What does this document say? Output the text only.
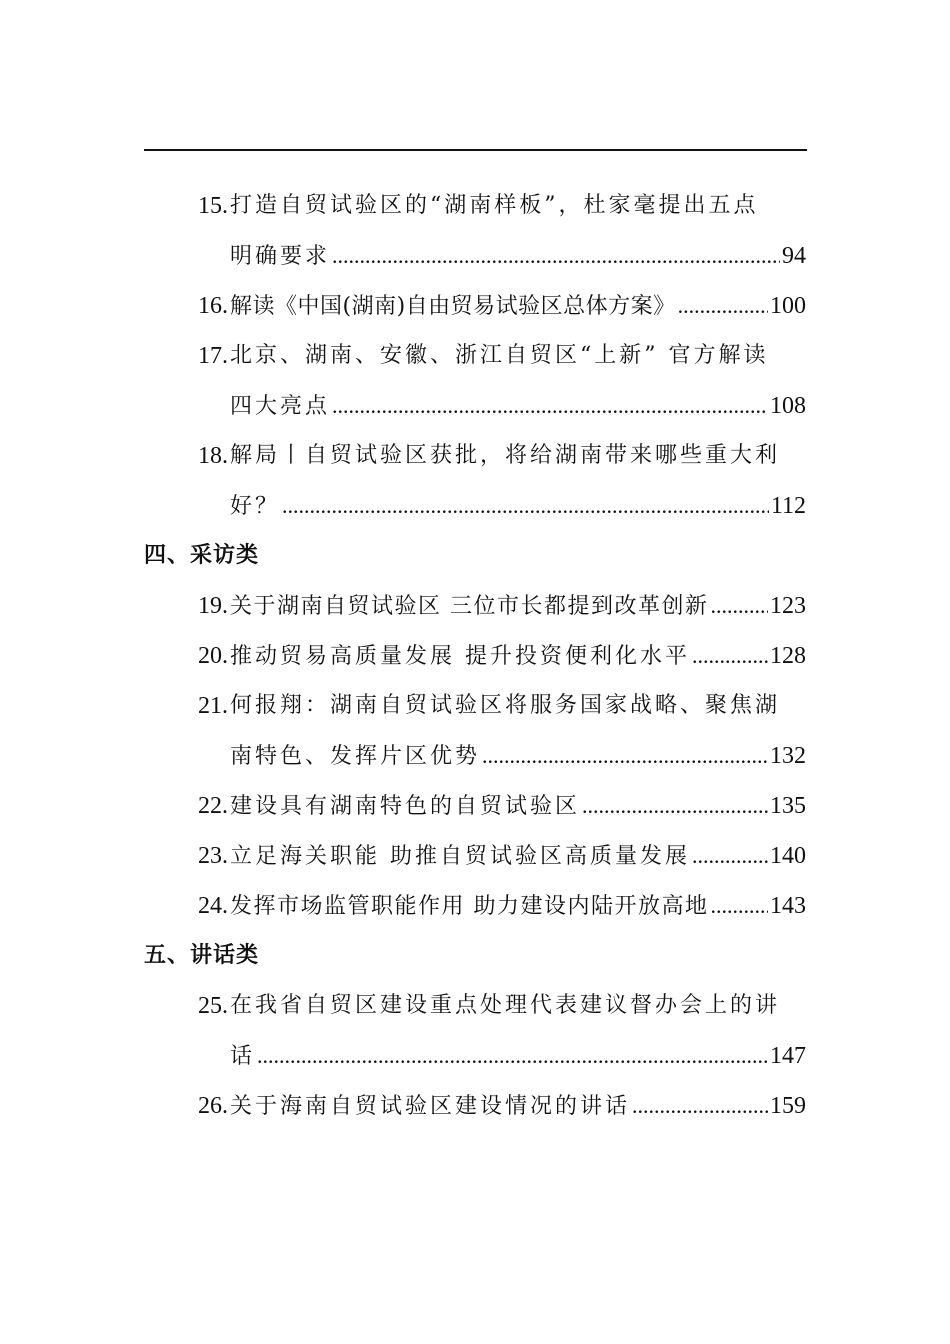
15. 打造自贸试验区的“湖南样板”，杜家毫提出五点
明确要求 .....	94
16. 解读《中国(湖南)自由贸易试验区总体方案》 .....	100
17. 北京、湖南、安徽、浙江自贸区“上新” 官方解读
四大亮点 .....	108
18. 解局丨自贸试验区获批，将给湖南带来哪些重大利
好？ .....	112
四、采访类
19. 关于湖南自贸试验区 三位市长都提到改革创新 .....	123
20. 推动贸易高质量发展 提升投资便利化水平 .....	128
21. 何报翔：湖南自贸试验区将服务国家战略、聚焦湖
南特色、发挥片区优势 .....	132
22. 建设具有湖南特色的自贸试验区 .....	135
23. 立足海关职能 助推自贸试验区高质量发展 .....	140
24. 发挥市场监管职能作用 助力建设内陆开放高地 .....	143
五、讲话类
25. 在我省自贸区建设重点处理代表建议督办会上的讲
话 .....	147
26. 关于海南自贸试验区建设情况的讲话 .....	159
